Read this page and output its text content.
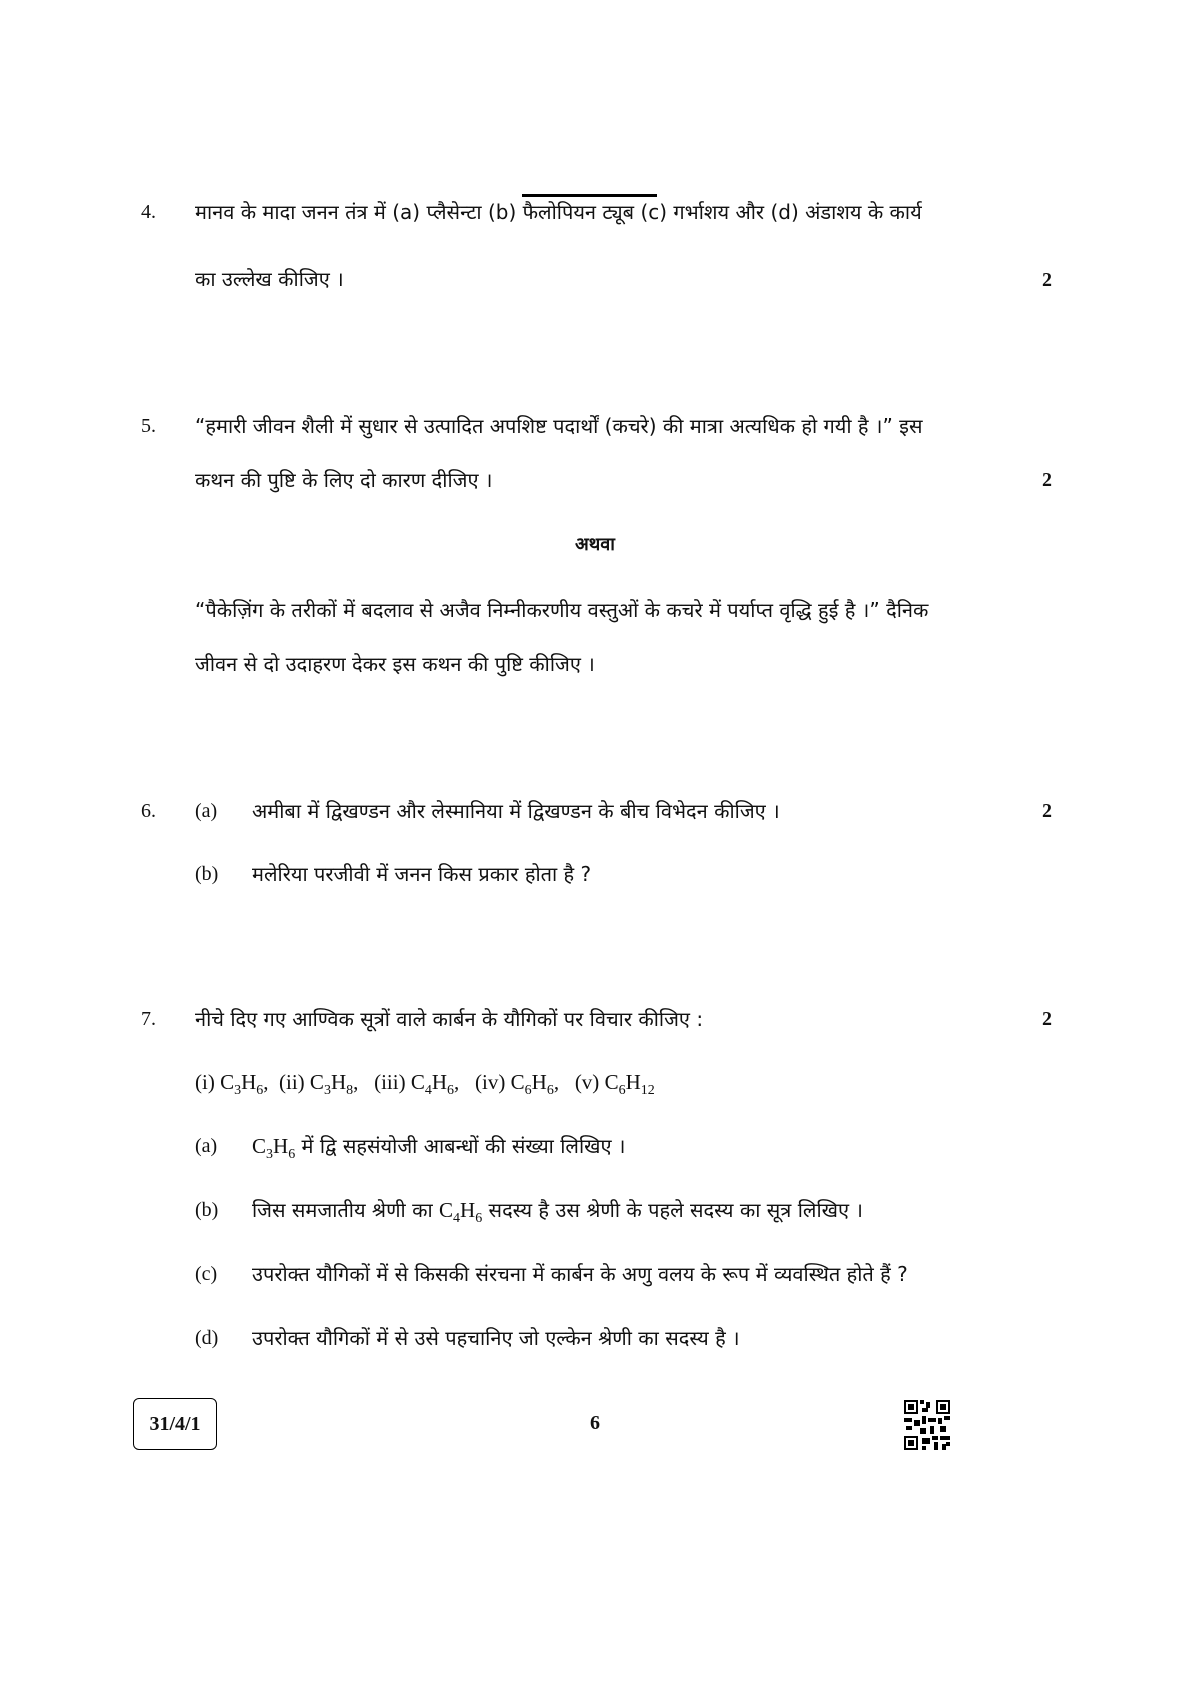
4. मानव के मादा जनन तंत्र में (a) प्लैसेन्टा (b) फैलोपियन ट्यूब (c) गर्भाशय और (d) अंडाशय के कार्य
का उल्लेख कीजिए ।	2
5. “हमारी जीवन शैली में सुधार से उत्पादित अपशिष्ट पदार्थों (कचरे) की मात्रा अत्यधिक हो गयी है ।” इस
कथन की पुष्टि के लिए दो कारण दीजिए ।	2
अथवा
“पैकेज़िंग के तरीकों में बदलाव से अजैव निम्नीकरणीय वस्तुओं के कचरे में पर्याप्त वृद्धि हुई है ।” दैनिक
जीवन से दो उदाहरण देकर इस कथन की पुष्टि कीजिए ।
6. (a) अमीबा में द्विखण्डन और लेस्मानिया में द्विखण्डन के बीच विभेदन कीजिए ।	2
(b) मलेरिया परजीवी में जनन किस प्रकार होता है ?
7. नीचे दिए गए आण्विक सूत्रों वाले कार्बन के यौगिकों पर विचार कीजिए :	2
(i) $C_3H_6$,  (ii) $C_3H_8$,   (iii) $C_4H_6$,   (iv) $C_6H_6$,   (v) $C_6H_{12}$
(a) $C_3H_6$ में द्वि सहसंयोजी आबन्धों की संख्या लिखिए ।
(b) जिस समजातीय श्रेणी का $C_4H_6$ सदस्य है उस श्रेणी के पहले सदस्य का सूत्र लिखिए ।
(c) उपरोक्त यौगिकों में से किसकी संरचना में कार्बन के अणु वलय के रूप में व्यवस्थित होते हैं ?
(d) उपरोक्त यौगिकों में से उसे पहचानिए जो एल्केन श्रेणी का सदस्य है ।
31/4/1	6
